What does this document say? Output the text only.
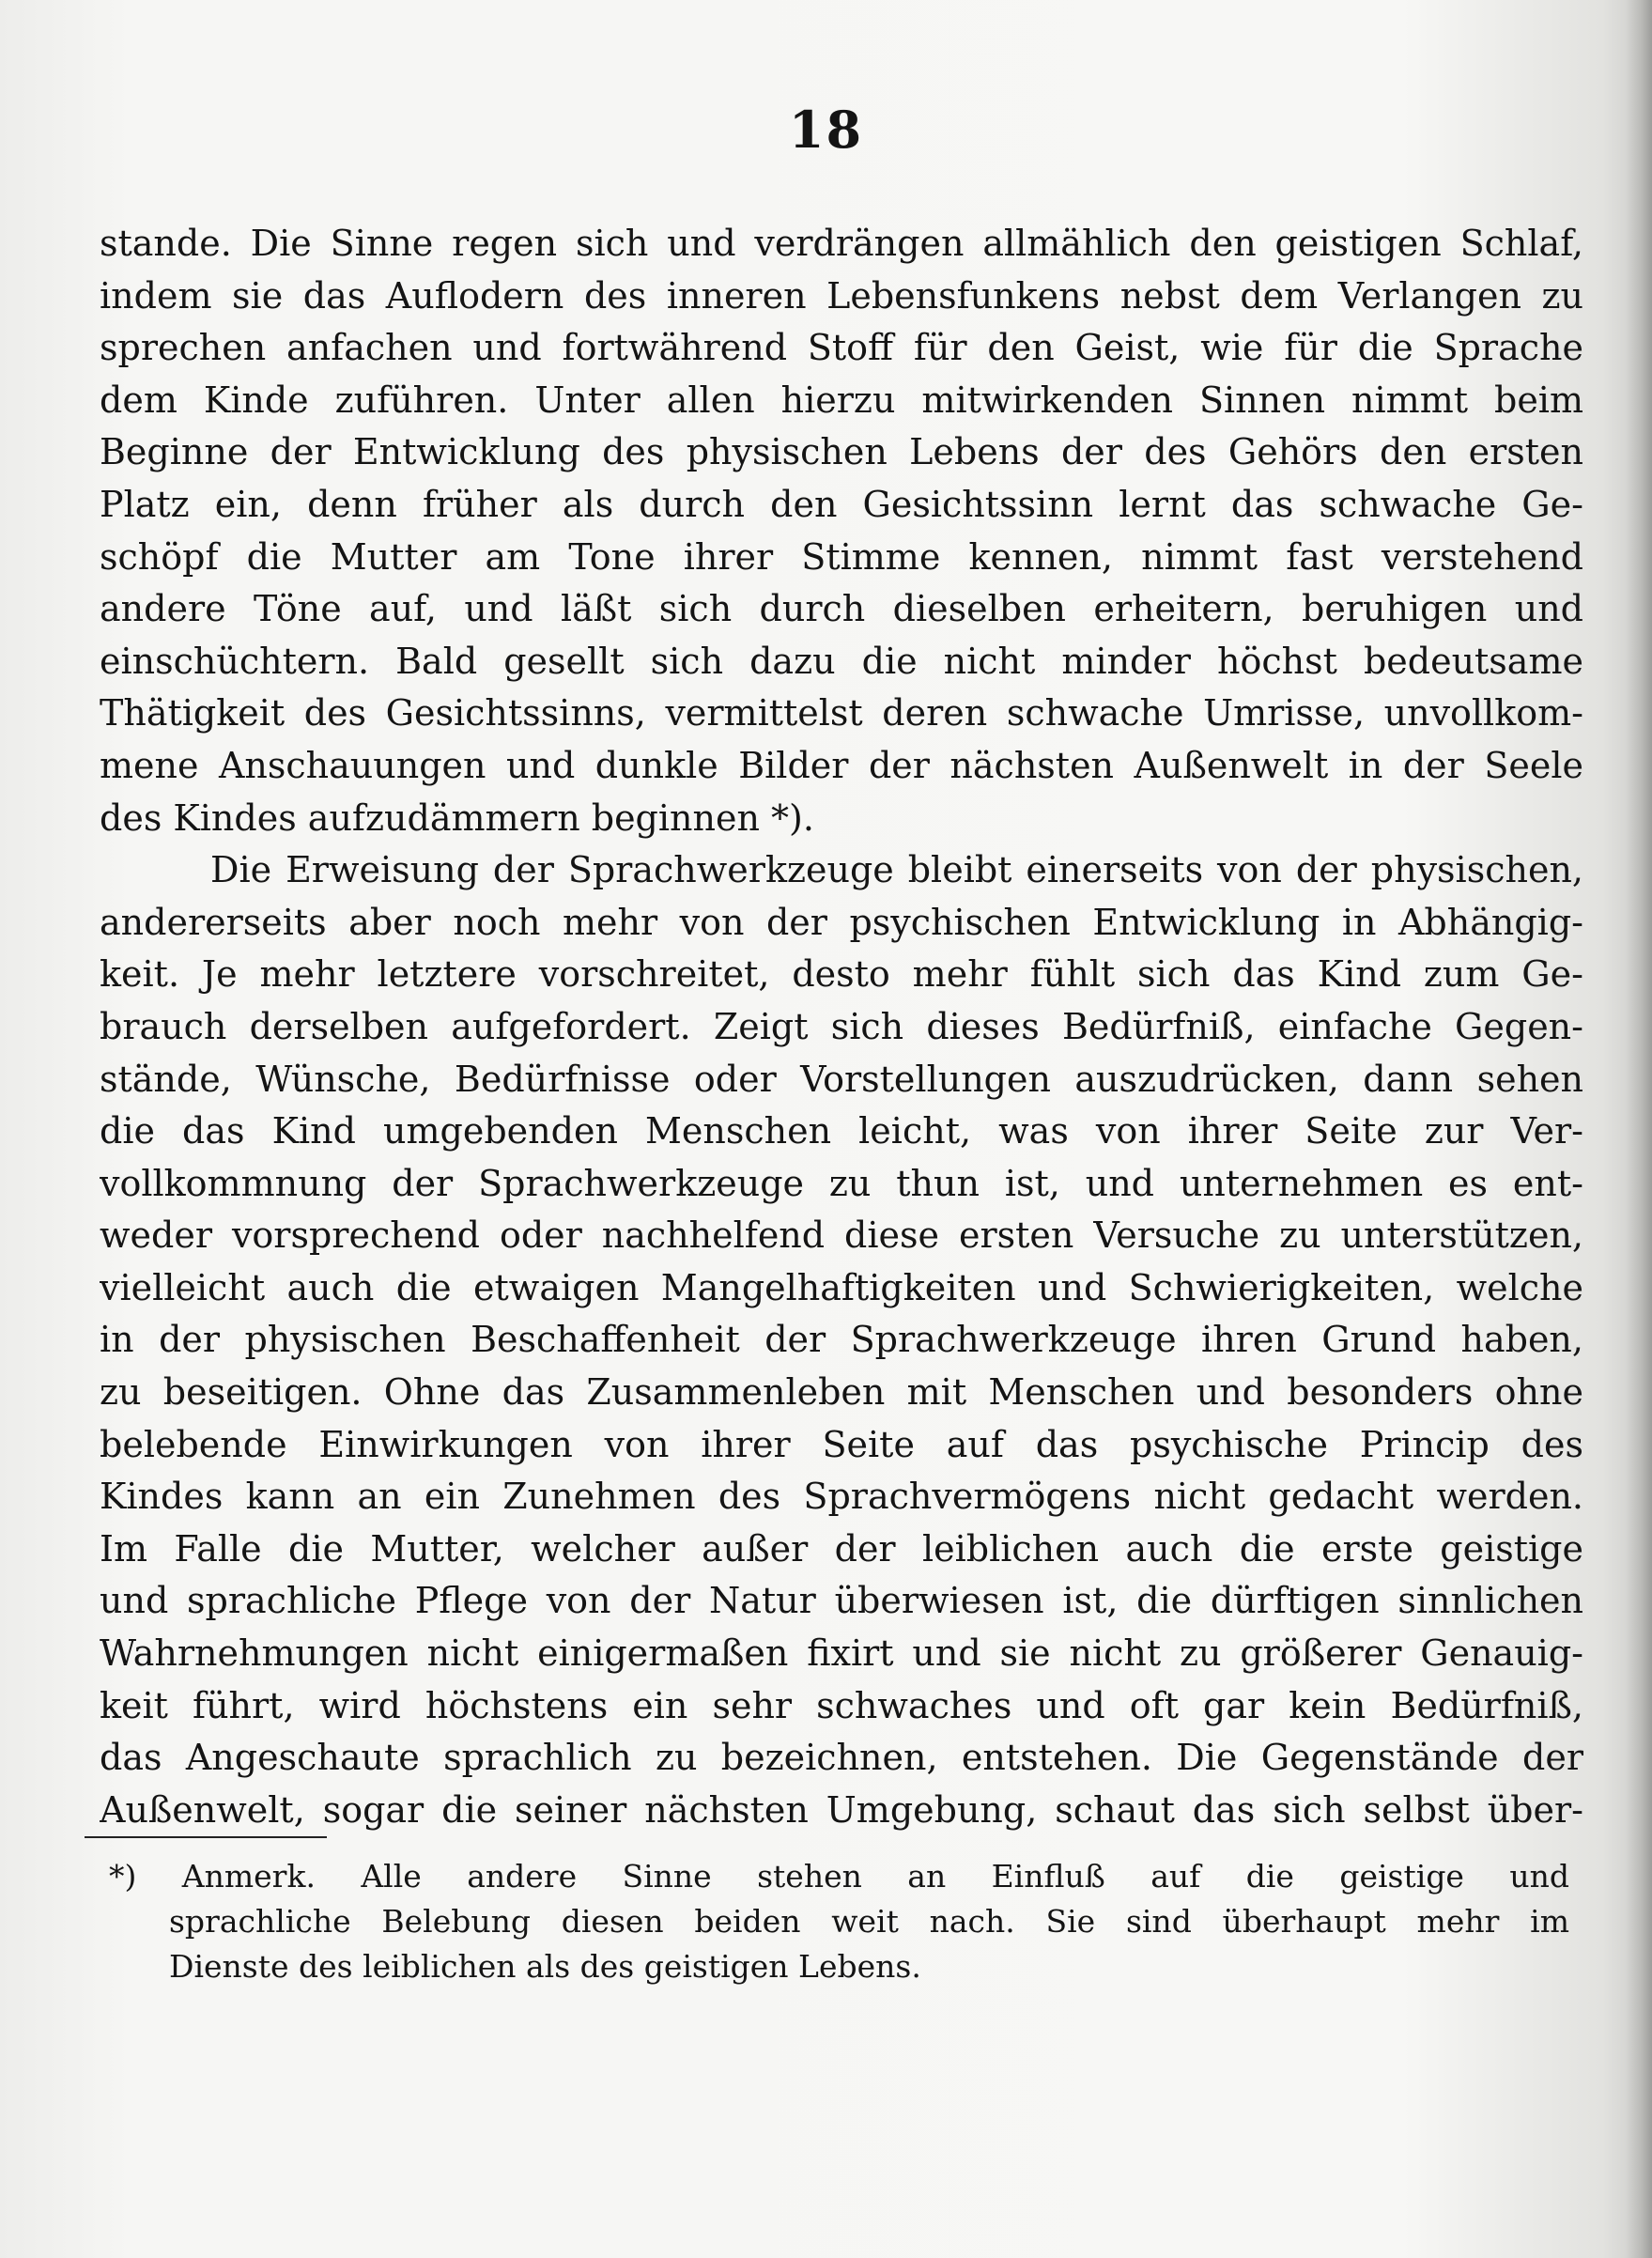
18
stande. Die Sinne regen sich und verdrängen allmählich den geistigen Schlaf,
indem sie das Auflodern des inneren Lebensfunkens nebst dem Verlangen zu
sprechen anfachen und fortwährend Stoff für den Geist, wie für die Sprache
dem Kinde zuführen. Unter allen hierzu mitwirkenden Sinnen nimmt beim
Beginne der Entwicklung des physischen Lebens der des Gehörs den ersten
Platz ein, denn früher als durch den Gesichtssinn lernt das schwache Ge-
schöpf die Mutter am Tone ihrer Stimme kennen, nimmt fast verstehend
andere Töne auf, und läßt sich durch dieselben erheitern, beruhigen und
einschüchtern. Bald gesellt sich dazu die nicht minder höchst bedeutsame
Thätigkeit des Gesichtssinns, vermittelst deren schwache Umrisse, unvollkom-
mene Anschauungen und dunkle Bilder der nächsten Außenwelt in der Seele
des Kindes aufzudämmern beginnen *).
Die Erweisung der Sprachwerkzeuge bleibt einerseits von der physischen,
andererseits aber noch mehr von der psychischen Entwicklung in Abhängig-
keit. Je mehr letztere vorschreitet, desto mehr fühlt sich das Kind zum Ge-
brauch derselben aufgefordert. Zeigt sich dieses Bedürfniß, einfache Gegen-
stände, Wünsche, Bedürfnisse oder Vorstellungen auszudrücken, dann sehen
die das Kind umgebenden Menschen leicht, was von ihrer Seite zur Ver-
vollkommnung der Sprachwerkzeuge zu thun ist, und unternehmen es ent-
weder vorsprechend oder nachhelfend diese ersten Versuche zu unterstützen,
vielleicht auch die etwaigen Mangelhaftigkeiten und Schwierigkeiten, welche
in der physischen Beschaffenheit der Sprachwerkzeuge ihren Grund haben,
zu beseitigen. Ohne das Zusammenleben mit Menschen und besonders ohne
belebende Einwirkungen von ihrer Seite auf das psychische Princip des
Kindes kann an ein Zunehmen des Sprachvermögens nicht gedacht werden.
Im Falle die Mutter, welcher außer der leiblichen auch die erste geistige
und sprachliche Pflege von der Natur überwiesen ist, die dürftigen sinnlichen
Wahrnehmungen nicht einigermaßen fixirt und sie nicht zu größerer Genauig-
keit führt, wird höchstens ein sehr schwaches und oft gar kein Bedürfniß,
das Angeschaute sprachlich zu bezeichnen, entstehen. Die Gegenstände der
Außenwelt, sogar die seiner nächsten Umgebung, schaut das sich selbst über-
*) Anmerk. Alle andere Sinne stehen an Einfluß auf die geistige und
sprachliche Belebung diesen beiden weit nach. Sie sind überhaupt mehr im
Dienste des leiblichen als des geistigen Lebens.
